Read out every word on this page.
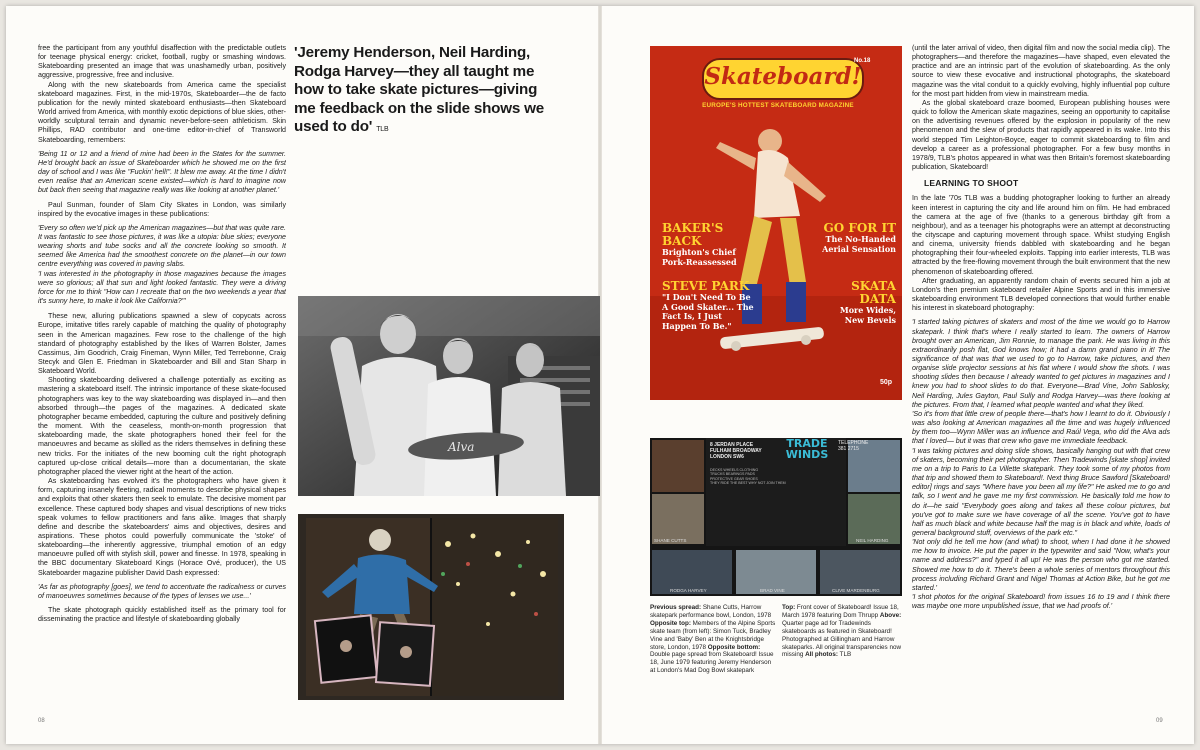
free the participant from any youthful disaffection with the predictable outlets for teenage physical energy: cricket, football, rugby or smashing windows. Skateboarding presented an image that was unashamedly urban, positively aggressive, progressive, free and inclusive.

Along with the new skateboards from America came the specialist skateboard magazines. First, in the mid-1970s, Skateboarder—the de facto publication for the newly minted skateboard enthusiasts—then Skateboard World arrived from America, with monthly exotic depictions of blue skies, other-worldly sculptural terrain and dynamic never-before-seen athleticism. Skin Phillips, RAD contributor and one-time editor-in-chief of Transworld Skateboarding, remembers:

'Being 11 or 12 and a friend of mine had been in the States for the summer. He'd brought back an issue of Skateboarder which he showed me on the first day of school and I was like "Fuckin' hell!". It blew me away. At the time I didn't even realise that an American scene existed—which is hard to imagine now but back then seeing that magazine really was like looking at another planet.'

Paul Sunman, founder of Slam City Skates in London, was similarly inspired by the evocative images in these publications:

'Every so often we'd pick up the American magazines—but that was quite rare. It was fantastic to see those pictures, it was like a utopia: blue skies; everyone wearing shorts and tube socks and all the concrete looking so smooth. It seemed like America had the smoothest concrete on the planet—in our town centre everything was covered in paving slabs.

'I was interested in the photography in those magazines because the images were so glorious; all that sun and light looked fantastic. They were a driving force for me to think "How can I recreate that on the two weekends a year that it's sunny here, to make it look like California?"'

These new, alluring publications spawned a slew of copycats across Europe, imitative titles rarely capable of matching the quality of photography seen in the American magazines. Few rose to the challenge of the high standard of photography established by the likes of Warren Bolster, James Cassimus, Jim Goodrich, Craig Fineman, Wynn Miller, Ted Terrebonne, Craig Stecyk and Glen E. Friedman in Skateboarder and Bill and Stan Sharp in Skateboard World.

Shooting skateboarding delivered a challenge potentially as exciting as mastering a skateboard itself. The intrinsic importance of these skate-focused photographers was key to the way skateboarding was displayed in—and then absorbed through—the pages of the magazines. A dedicated skate photographer became embedded, capturing the culture and positively defining the moment. With the ceaseless, month-on-month progression that skateboarding made, the skate photographers honed their feel for the manoeuvres and became as skilled as the riders themselves in defining these new tricks. For the initiates of the new booming cult the right photograph captured up-close critical details—more than a documentarian, the skate photographer placed the viewer right at the heart of the action.

As skateboarding has evolved it's the photographers who have given it form, capturing insanely fleeting, radical moments to describe physical shapes and exploits that other skaters then seek to emulate. The decisive moment par excellence. These captured body shapes and visual descriptions of new tricks speak volumes to fellow practitioners and fans alike. Images that sharply define and describe the skateboarders' aims and objectives, desires and aspirations. These photos could powerfully communicate the 'stoke' of skateboarding—the inherently aggressive, triumphal emotion of an edgy manoeuvre pulled off with stylish skill, power and finesse. In 1978, speaking in the BBC documentary Skateboard Kings (Horace Ové, producer), the US Skateboarder magazine publisher David Dash expressed:

'As far as photography [goes], we tend to accentuate the radicalness or curves of manoeuvres sometimes because of the types of lenses we use...'

The skate photograph quickly established itself as the primary tool for disseminating the practice and lifestyle of skateboarding globally

'Jeremy Henderson, Neil Harding, Rodga Harvey—they all taught me how to take skate pictures—giving me feedback on the slide shows we used to do' TLB
Alva
Skateboard!
No.18
EUROPE'S HOTTEST SKATEBOARD MAGAZINE
BAKER'S BACK
Brighton's Chief Pork-Reassessed
GO FOR IT
The No-Handed Aerial Sensation
STEVE PARK
"I Don't Need To Be A Good Skater... The Fact Is, I Just Happen To Be."
SKATA DATA
More Wides, New Bevels
50p
8 JERDAN PLACE
FULHAM BROADWAY
LONDON SW6
TRADE WINDS
DECKS WHEELS CLOTHING
TRUCKS BEARINGS PADS
PROTECTIVE GEAR SHOES
THEY RIDE THE BEST WHY NOT JOIN THEM
SHANE CUTTS	NEIL HARDING
RODGA HARVEY	BRAD VINE	CLIVE MARDENBURG
TELEPHONE
381 2715
Previous spread: Shane Cutts, Harrow skatepark performance bowl, London, 1978 Opposite top: Members of the Alpine Sports skate team (from left): Simon Tuck, Bradley Vine and 'Baby' Ben at the Knightsbridge store, London, 1978 Opposite bottom: Double page spread from Skateboard! Issue 18, June 1979 featuring Jeremy Henderson at London's Mad Dog Bowl skatepark
Top: Front cover of Skateboard! Issue 18, March 1978 featuring Dom Thrupp Above: Quarter page ad for Tradewinds skateboards as featured in Skateboard! Photographed at Gillingham and Harrow skateparks. All original transparencies now missing All photos: TLB

(until the later arrival of video, then digital film and now the social media clip). The photographers—and therefore the magazines—have shaped, even elevated the practice and are an intrinsic part of the evolution of skateboarding. As the only source to view these evocative and instructional photographs, the skateboard magazine was the vital conduit to a quickly evolving, highly influential pop culture for the most part hidden from view in mainstream media.

As the global skateboard craze boomed, European publishing houses were quick to follow the American skate magazines, seeing an opportunity to capitalise on the advertising revenues offered by the explosion in popularity of the new phenomenon and the slew of products that rapidly appeared in its wake. Into this world stepped Tim Leighton-Boyce, eager to commit skateboarding to film and develop a career as a professional photographer. For a few busy months in 1978/9, TLB's photos appeared in what was then Britain's foremost skateboarding publication, Skateboard!

LEARNING TO SHOOT

In the late '70s TLB was a budding photographer looking to further an already keen interest in capturing the city and life around him on film. He had embraced the camera at the age of five (thanks to a generous birthday gift from a neighbour), and as a teenager his photographs were an attempt at deconstructing the cityscape and capturing movement through space. Whilst studying English and cinema, university friends dabbled with skateboarding and he began photographing their four-wheeled exploits. Tapping into earlier interests, TLB was attracted by the free-flowing movement through the built environment that the new phenomenon of skateboarding offered.

After graduating, an apparently random chain of events secured him a job at London's then premium skateboard retailer Alpine Sports and in this immersive skateboarding environment TLB developed connections that would further enable his interest in skateboard photography:

'I started taking pictures of skaters and most of the time we would go to Harrow skatepark. I think that's where I really started to learn. The owners of Harrow brought over an American, Jim Ronnie, to manage the park. He was living in this extraordinarily posh flat, God knows how; it had a damn grand piano in it! The significance of that was that we used to go to Harrow, take pictures, and then organise slide projector sessions at his flat where I would show the shots. I was shooting slides then because I already wanted to get pictures in magazines and I knew you had to shoot slides to do that. Everyone—Brad Vine, John Sablosky, Neil Harding, Jules Gayton, Paul Sully and Rodga Harvey—was there looking at the pictures. From that, I learned what people wanted and what they liked.

'So it's from that little crew of people there—that's how I learnt to do it. Obviously I was also looking at American magazines all the time and was hugely influenced by them too—Wynn Miller was an influence and Raúl Vega, who did the Alva ads that I loved— but it was that crew who gave me immediate feedback.

'I was taking pictures and doing slide shows, basically hanging out with that crew of skaters, becoming their pet photographer. Then Tradewinds [skate shop] invited me on a trip to Paris to La Villette skatepark. They took some of my photos from that trip and showed them to Skateboard!. Next thing Bruce Sawford [Skateboard! editor] rings and says "Where have you been all my life?" He asked me to go and talk, so I went and he gave me my first commission. He basically told me how to do it—he said "Everybody goes along and takes all these colour pictures, but you've got to make sure we have coverage of all the scene. You've got to have half as much black and white because half the mag is in black and white, loads of general background stuff, overviews of the park etc."

'Not only did he tell me how (and what) to shoot, when I had done it he showed me how to invoice. He put the paper in the typewriter and said "Now, what's your name and address?" and typed it all up! He was the person who got me started. Showed me how to do it. There's been a whole series of mentors throughout this process including Richard Grant and Nigel Thomas at Action Bike, but he got me started.'

'I shot photos for the original Skateboard! from issues 16 to 19 and I think there was maybe one more unpublished issue, that we had proofs of.'

08	09
